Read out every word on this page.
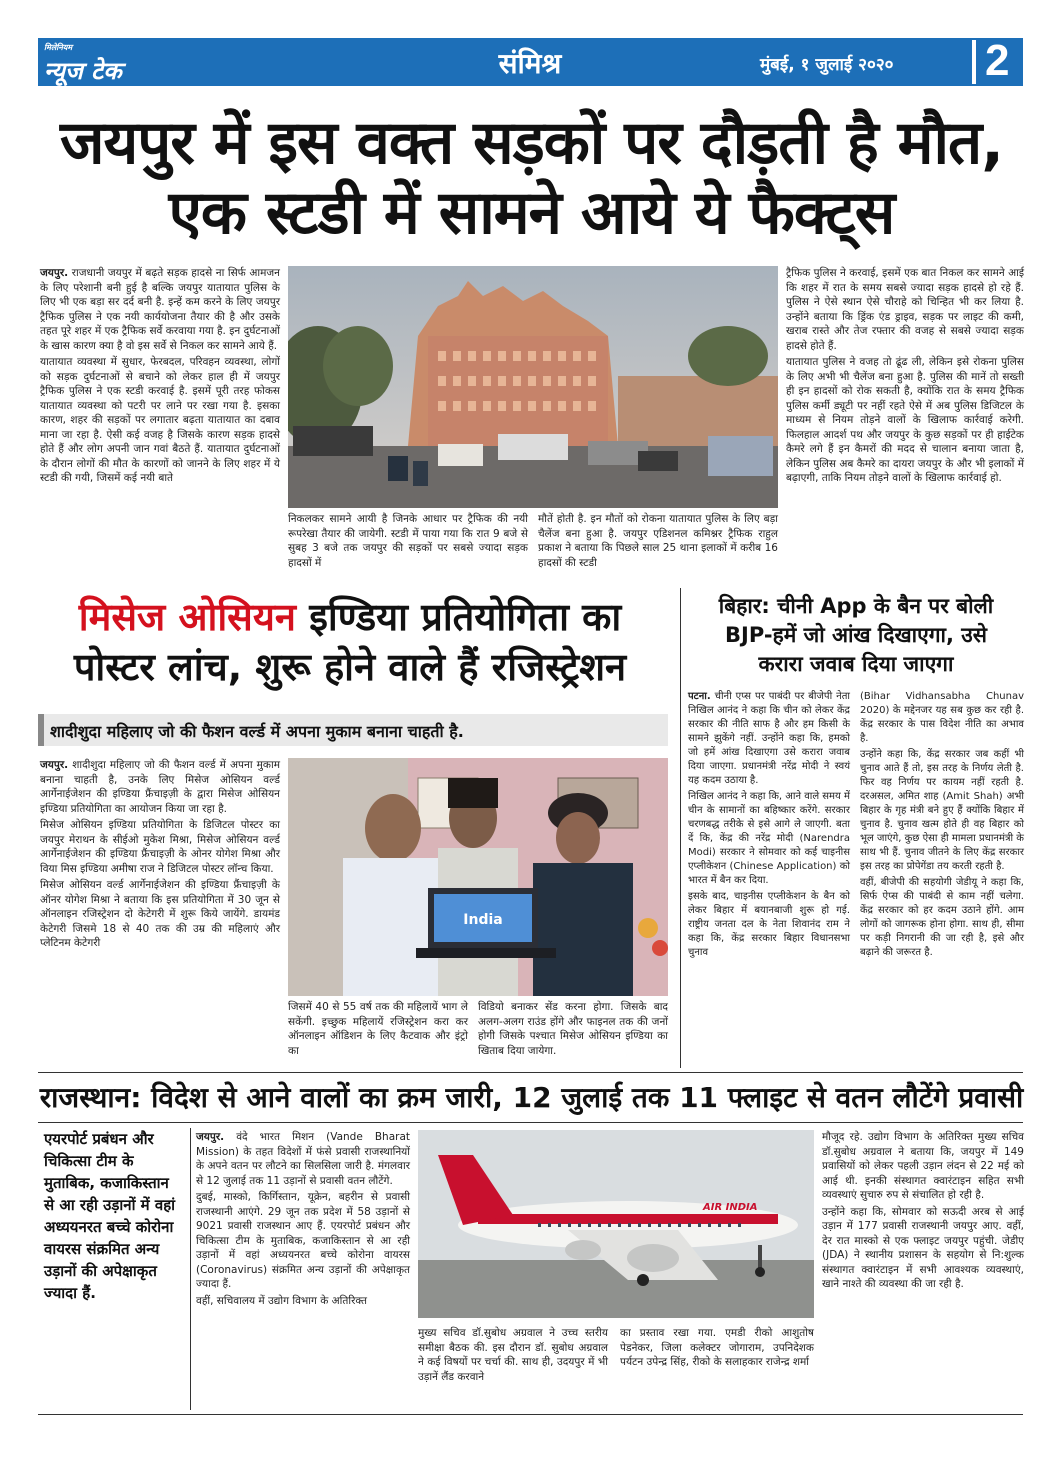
मिलेनियम
न्यूज टेक	संमिश्र	मुंबई, १ जुलाई २०२० 2
जयपुर में इस वक्त सड़कों पर दौड़ती है मौत,
एक स्टडी में सामने आये ये फैक्ट्स

जयपुर. राजधानी जयपुर में बढ़ते सड़क हादसे ना सिर्फ आमजन के लिए परेशानी बनी हुई है बल्कि जयपुर यातायात पुलिस के लिए भी एक बड़ा सर दर्द बनी है. इन्हें कम करने के लिए जयपुर ट्रैफिक पुलिस ने एक नयी कार्ययोजना तैयार की है और उसके तहत पूरे शहर में एक ट्रैफिक सर्वे करवाया गया है. इन दुर्घटनाओं के खास कारण क्या है वो इस सर्वे से निकल कर सामने आये हैं.

यातायात व्यवस्था में सुधार, फेरबदल, परिवहन व्यवस्था, लोगों को सड़क दुर्घटनाओं से बचाने को लेकर हाल ही में जयपुर ट्रैफिक पुलिस ने एक स्टडी करवाई है. इसमें पूरी तरह फोकस यातायात व्यवस्था को पटरी पर लाने पर रखा गया है. इसका कारण, शहर की सड़कों पर लगातार बढ़ता यातायात का दबाव माना जा रहा है. ऐसी कई वजह है जिसके कारण सड़क हादसे होते हैं और लोग अपनी जान गवां बैठते हैं. यातायात दुर्घटनाओं के दौरान लोगों की मौत के कारणों को जानने के लिए शहर में ये स्टडी की गयी, जिसमें कई नयी बाते

निकलकर सामने आयी है जिनके आधार पर ट्रैफिक की नयी रूपरेखा तैयार की जायेगी. स्टडी में पाया गया कि रात 9 बजे से सुबह 3 बजे तक जयपुर की सड़कों पर सबसे ज्यादा सड़क हादसों में
मौतें होती है. इन मौतों को रोकना यातायात पुलिस के लिए बड़ा चैलेंज बना हुआ है. जयपुर एडिशनल कमिश्नर ट्रैफिक राहुल प्रकाश ने बताया कि पिछले साल 25 थाना इलाकों में करीब 16 हादसों की स्टडी

ट्रैफिक पुलिस ने करवाई, इसमें एक बात निकल कर सामने आई कि शहर में रात के समय सबसे ज्यादा सड़क हादसे हो रहे हैं. पुलिस ने ऐसे स्थान ऐसे चौराहे को चिन्हित भी कर लिया है. उन्होंने बताया कि ड्रिंक एंड ड्राइव, सड़क पर लाइट की कमी, खराब रास्ते और तेज रफ्तार की वजह से सबसे ज्यादा सड़क हादसे होते हैं.

यातायात पुलिस ने वजह तो ढूंढ ली, लेकिन इसे रोकना पुलिस के लिए अभी भी चैलेंज बना हुआ है. पुलिस की मानें तो सख्ती ही इन हादसों को रोक सकती है, क्योंकि रात के समय ट्रैफिक पुलिस कर्मी ड्यूटी पर नहीं रहते ऐसे में अब पुलिस डिजिटल के माध्यम से नियम तोड़ने वालों के खिलाफ कार्रवाई करेगी. फिलहाल आदर्श पथ और जयपुर के कुछ सड़कों पर ही हाईटेक कैमरे लगे हैं इन कैमरों की मदद से चालान बनाया जाता है, लेकिन पुलिस अब कैमरे का दायरा जयपुर के और भी इलाकों में बढ़ाएगी, ताकि नियम तोड़ने वालों के खिलाफ कार्रवाई हो.

मिसेज ओसियन इण्डिया प्रतियोगिता का
पोस्टर लांच, शुरू होने वाले हैं रजिस्ट्रेशन
शादीशुदा महिलाए जो की फैशन वर्ल्ड में अपना मुकाम बनाना चाहती है.

जयपुर. शादीशुदा महिलाए जो की फैशन वर्ल्ड में अपना मुकाम बनाना चाहती है, उनके लिए मिसेज ओसियन वर्ल्ड आर्गेनाईजेशन की इण्डिया फ्रैंचाइज़ी के द्वारा मिसेज ओसियन इण्डिया प्रतियोगिता का आयोजन किया जा रहा है.

मिसेज ओसियन इण्डिया प्रतियोगिता के डिजिटल पोस्टर का जयपुर मेराथन के सीईओ मुकेश मिश्रा, मिसेज ओसियन वर्ल्ड आर्गेनाईजेशन की इण्डिया फ्रैंचाइज़ी के ओनर योगेश मिश्रा और विया मिस इण्डिया अमीषा राज ने डिजिटल पोस्टर लॉन्च किया.

मिसेज ओसियन वर्ल्ड आर्गेनाईजेशन की इण्डिया फ्रैंचाइज़ी के ऑनर योगेश मिश्रा ने बताया कि इस प्रतियोगिता में 30 जून से ऑनलाइन रजिस्ट्रेशन दो केटेगरी में शुरू किये जायेंगे. डायमंड केटेगरी जिसमे 18 से 40 तक की उम्र की महिलाएं और प्लेटिनम केटेगरी

India
जिसमें 40 से 55 वर्ष तक की महिलायें भाग ले सकेंगी. इच्छुक महिलायें रजिस्ट्रेशन करा कर ऑनलाइन ऑडिशन के लिए कैटवाक और इंट्रो का
विडियो बनाकर सेंड करना होगा. जिसके बाद अलग-अलग राउंड होंगे और फाइनल तक की जनों होगी जिसके पश्चात मिसेज ओसियन इण्डिया का खिताब दिया जायेगा.
बिहार: चीनी App के बैन पर बोली
BJP-हमें जो आंख दिखाएगा, उसे
करारा जवाब दिया जाएगा

पटना. चीनी एप्स पर पाबंदी पर बीजेपी नेता निखिल आनंद ने कहा कि चीन को लेकर केंद्र सरकार की नीति साफ है और हम किसी के सामने झुकेंगे नहीं. उन्होंने कहा कि, हमको जो हमें आंख दिखाएगा उसे करारा जवाब दिया जाएगा. प्रधानमंत्री नरेंद्र मोदी ने स्वयं यह कदम उठाया है.

निखिल आनंद ने कहा कि, आने वाले समय में चीन के सामानों का बहिष्कार करेंगे. सरकार चरणबद्ध तरीके से इसे आगे ले जाएगी. बता दें कि, केंद्र की नरेंद्र मोदी (Narendra Modi) सरकार ने सोमवार को कई चाइनीस एप्लीकेशन (Chinese Application) को भारत में बैन कर दिया.

इसके बाद, चाइनीस एप्लीकेशन के बैन को लेकर बिहार में बयानबाजी शुरू हो गई. राष्ट्रीय जनता दल के नेता शिवानंद राम ने कहा कि, केंद्र सरकार बिहार विधानसभा चुनाव

(Bihar Vidhansabha Chunav 2020) के मद्देनजर यह सब कुछ कर रही है. केंद्र सरकार के पास विदेश नीति का अभाव है.

उन्होंने कहा कि, केंद्र सरकार जब कहीं भी चुनाव आते हैं तो, इस तरह के निर्णय लेती है. फिर वह निर्णय पर कायम नहीं रहती है. दरअसल, अमित शाह (Amit Shah) अभी बिहार के गृह मंत्री बने हुए हैं क्योंकि बिहार में चुनाव है. चुनाव खत्म होते ही वह बिहार को भूल जाएंगे, कुछ ऐसा ही मामला प्रधानमंत्री के साथ भी हैं. चुनाव जीतने के लिए केंद्र सरकार इस तरह का प्रोपेगेंडा तय करती रहती है.

वहीं, बीजेपी की सहयोगी जेडीयू ने कहा कि, सिर्फ ऐप्स की पाबंदी से काम नहीं चलेगा. केंद्र सरकार को हर कदम उठाने होंगे. आम लोगों को जागरूक होना होगा. साथ ही, सीमा पर कड़ी निगरानी की जा रही है, इसे और बढ़ाने की जरूरत है.

राजस्थान: विदेश से आने वालों का क्रम जारी, 12 जुलाई तक 11 फ्लाइट से वतन लौटेंगे प्रवासी
एयरपोर्ट प्रबंधन और चिकित्सा टीम के मुताबिक, कजाकिस्तान से आ रही उड़ानों में वहां अध्ययनरत बच्चे कोरोना वायरस संक्रमित अन्य उड़ानों की अपेक्षाकृत ज्यादा हैं.

जयपुर. वंदे भारत मिशन (Vande Bharat Mission) के तहत विदेशों में फंसे प्रवासी राजस्थानियों के अपने वतन पर लौटने का सिलसिला जारी है. मंगलवार से 12 जुलाई तक 11 उड़ानों से प्रवासी वतन लौटेंगे.

दुबई, मास्को, किर्गिस्तान, यूक्रेन, बहरीन से प्रवासी राजस्थानी आएंगे. 29 जून तक प्रदेश में 58 उड़ानों से 9021 प्रवासी राजस्थान आए हैं. एयरपोर्ट प्रबंधन और चिकित्सा टीम के मुताबिक, कजाकिस्तान से आ रही उड़ानों में वहां अध्ययनरत बच्चे कोरोना वायरस (Coronavirus) संक्रमित अन्य उड़ानों की अपेक्षाकृत ज्यादा हैं.

वहीं, सचिवालय में उद्योग विभाग के अतिरिक्त

AIR INDIA
मुख्य सचिव डॉ.सुबोध अग्रवाल ने उच्च स्तरीय समीक्षा बैठक की. इस दौरान डॉ. सुबोध अग्रवाल ने कई विषयों पर चर्चा की. साथ ही, उदयपुर में भी उड़ानें लैंड करवाने
का प्रस्ताव रखा गया. एमडी रीको आशुतोष पेडनेकर, जिला कलेक्टर जोगाराम, उपनिदेशक पर्यटन उपेन्द्र सिंह, रीको के सलाहकार राजेन्द्र शर्मा

मौजूद रहे. उद्योग विभाग के अतिरिक्त मुख्य सचिव डॉ.सुबोध अग्रवाल ने बताया कि, जयपुर में 149 प्रवासियों को लेकर पहली उड़ान लंदन से 22 मई को आई थी. इनकी संस्थागत क्वारंटाइन सहित सभी व्यवस्थाएं सुचारु रुप से संचालित हो रही है.

उन्होंने कहा कि, सोमवार को सऊदी अरब से आई उड़ान में 177 प्रवासी राजस्थानी जयपुर आए. वहीं, देर रात मास्को से एक फ्लाइट जयपुर पहुंची. जेडीए (JDA) ने स्थानीय प्रशासन के सहयोग से नि:शुल्क संस्थागत क्वारंटाइन में सभी आवश्यक व्यवस्थाएं, खाने नाश्ते की व्यवस्था की जा रही है.
